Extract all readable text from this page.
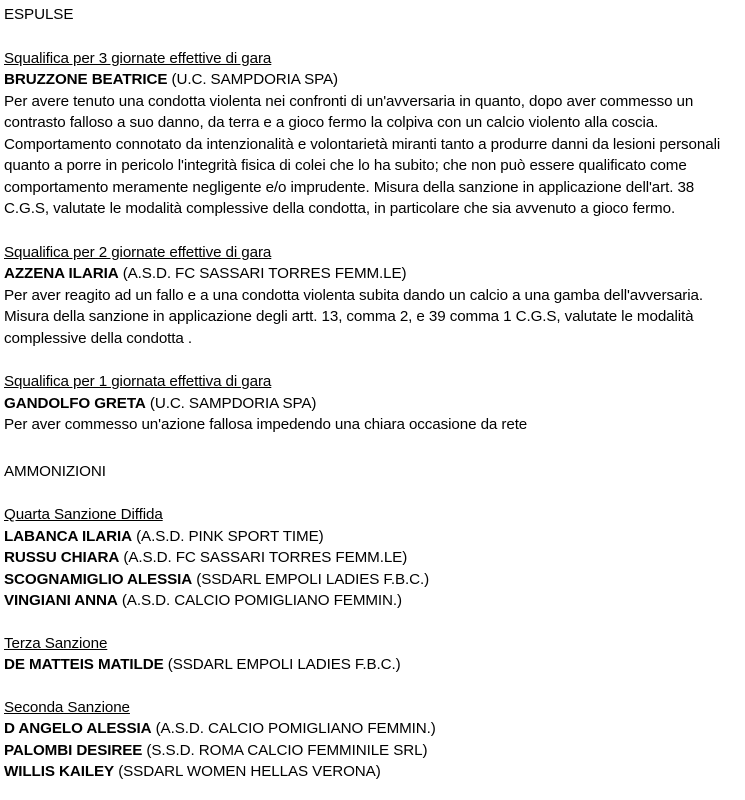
ESPULSE
Squalifica per 3 giornate effettive di gara
BRUZZONE BEATRICE (U.C. SAMPDORIA SPA)
Per avere tenuto una condotta violenta nei confronti di un'avversaria in quanto, dopo aver commesso un
contrasto falloso a suo danno, da terra e a gioco fermo la colpiva con un calcio violento alla coscia.
Comportamento connotato da intenzionalità e volontarietà miranti tanto a produrre danni da lesioni personali
quanto a porre in pericolo l'integrità fisica di colei che lo ha subito; che non può essere qualificato come
comportamento meramente negligente e/o imprudente. Misura della sanzione in applicazione dell'art. 38
C.G.S, valutate le modalità complessive della condotta, in particolare che sia avvenuto a gioco fermo.
Squalifica per 2 giornate effettive di gara
AZZENA ILARIA (A.S.D. FC SASSARI TORRES FEMM.LE)
Per aver reagito ad un fallo e a una condotta violenta subita dando un calcio a una gamba dell'avversaria.
Misura della sanzione in applicazione degli artt. 13, comma 2, e 39 comma 1 C.G.S, valutate le modalità
complessive della condotta .
Squalifica per 1 giornata effettiva di gara
GANDOLFO GRETA (U.C. SAMPDORIA SPA)
Per aver commesso un'azione fallosa impedendo una chiara occasione da rete
AMMONIZIONI
Quarta Sanzione Diffida
LABANCA ILARIA (A.S.D. PINK SPORT TIME)
RUSSU CHIARA (A.S.D. FC SASSARI TORRES FEMM.LE)
SCOGNAMIGLIO ALESSIA (SSDARL EMPOLI LADIES F.B.C.)
VINGIANI ANNA (A.S.D. CALCIO POMIGLIANO FEMMIN.)
Terza Sanzione
DE MATTEIS MATILDE (SSDARL EMPOLI LADIES F.B.C.)
Seconda Sanzione
D ANGELO ALESSIA (A.S.D. CALCIO POMIGLIANO FEMMIN.)
PALOMBI DESIREE (S.S.D. ROMA CALCIO FEMMINILE SRL)
WILLIS KAILEY (SSDARL WOMEN HELLAS VERONA)
